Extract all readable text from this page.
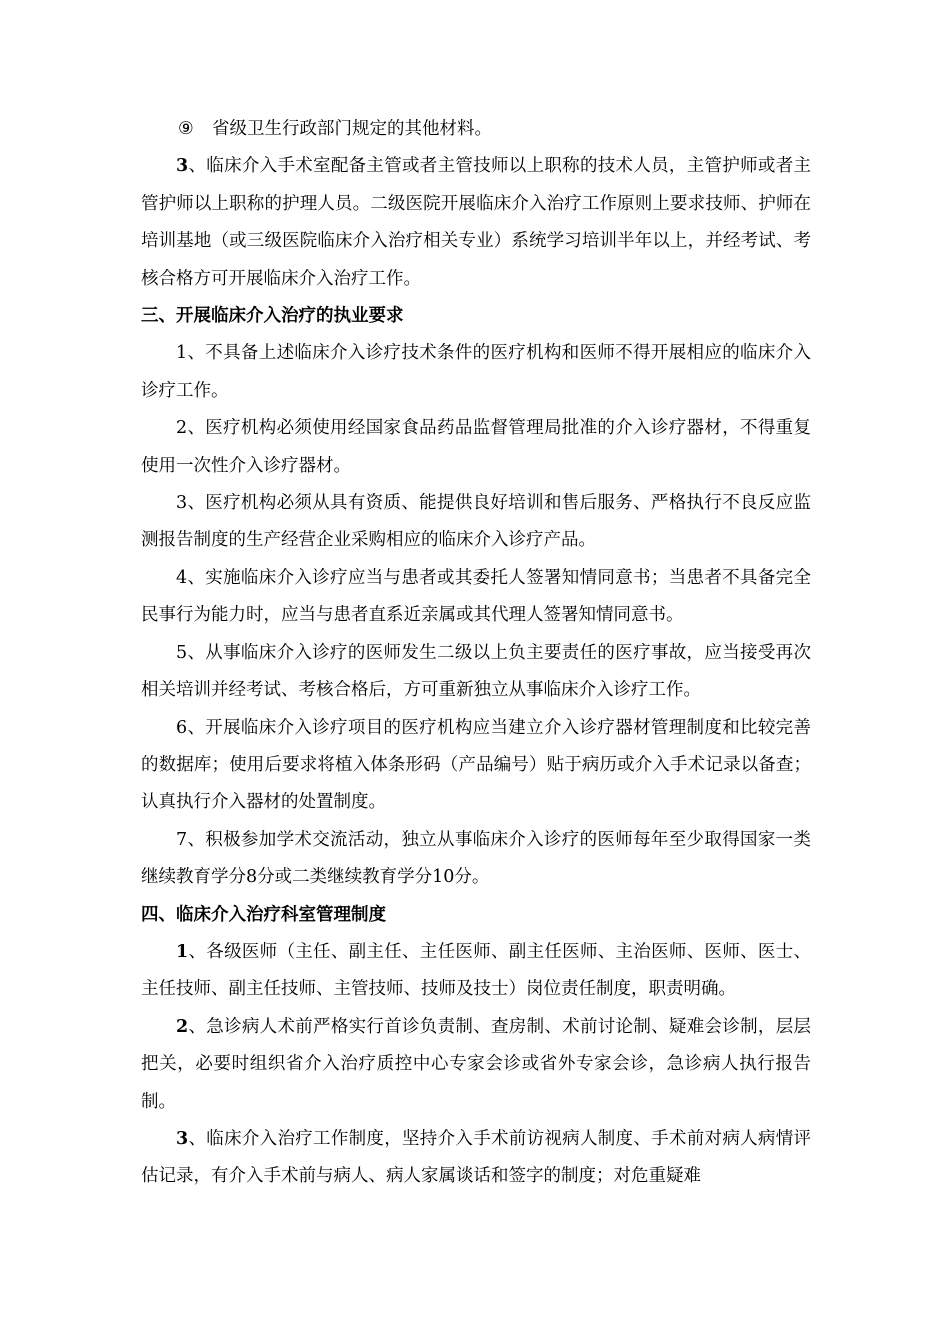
⑨ 省级卫生行政部门规定的其他材料。

3、临床介入手术室配备主管或者主管技师以上职称的技术人员，主管护师或者主管护师以上职称的护理人员。二级医院开展临床介入治疗工作原则上要求技师、护师在培训基地（或三级医院临床介入治疗相关专业）系统学习培训半年以上，并经考试、考核合格方可开展临床介入治疗工作。

三、开展临床介入治疗的执业要求

1、不具备上述临床介入诊疗技术条件的医疗机构和医师不得开展相应的临床介入诊疗工作。

2、医疗机构必须使用经国家食品药品监督管理局批准的介入诊疗器材，不得重复使用一次性介入诊疗器材。

3、医疗机构必须从具有资质、能提供良好培训和售后服务、严格执行不良反应监测报告制度的生产经营企业采购相应的临床介入诊疗产品。

4、实施临床介入诊疗应当与患者或其委托人签署知情同意书；当患者不具备完全民事行为能力时，应当与患者直系近亲属或其代理人签署知情同意书。

5、从事临床介入诊疗的医师发生二级以上负主要责任的医疗事故，应当接受再次相关培训并经考试、考核合格后，方可重新独立从事临床介入诊疗工作。

6、开展临床介入诊疗项目的医疗机构应当建立介入诊疗器材管理制度和比较完善的数据库；使用后要求将植入体条形码（产品编号）贴于病历或介入手术记录以备查；认真执行介入器材的处置制度。

7、积极参加学术交流活动，独立从事临床介入诊疗的医师每年至少取得国家一类继续教育学分8分或二类继续教育学分10分。

四、临床介入治疗科室管理制度

1、各级医师（主任、副主任、主任医师、副主任医师、主治医师、医师、医士、主任技师、副主任技师、主管技师、技师及技士）岗位责任制度，职责明确。

2、急诊病人术前严格实行首诊负责制、查房制、术前讨论制、疑难会诊制，层层把关，必要时组织省介入治疗质控中心专家会诊或省外专家会诊，急诊病人执行报告制。

3、临床介入治疗工作制度，坚持介入手术前访视病人制度、手术前对病人病情评估记录，有介入手术前与病人、病人家属谈话和签字的制度；对危重疑难
